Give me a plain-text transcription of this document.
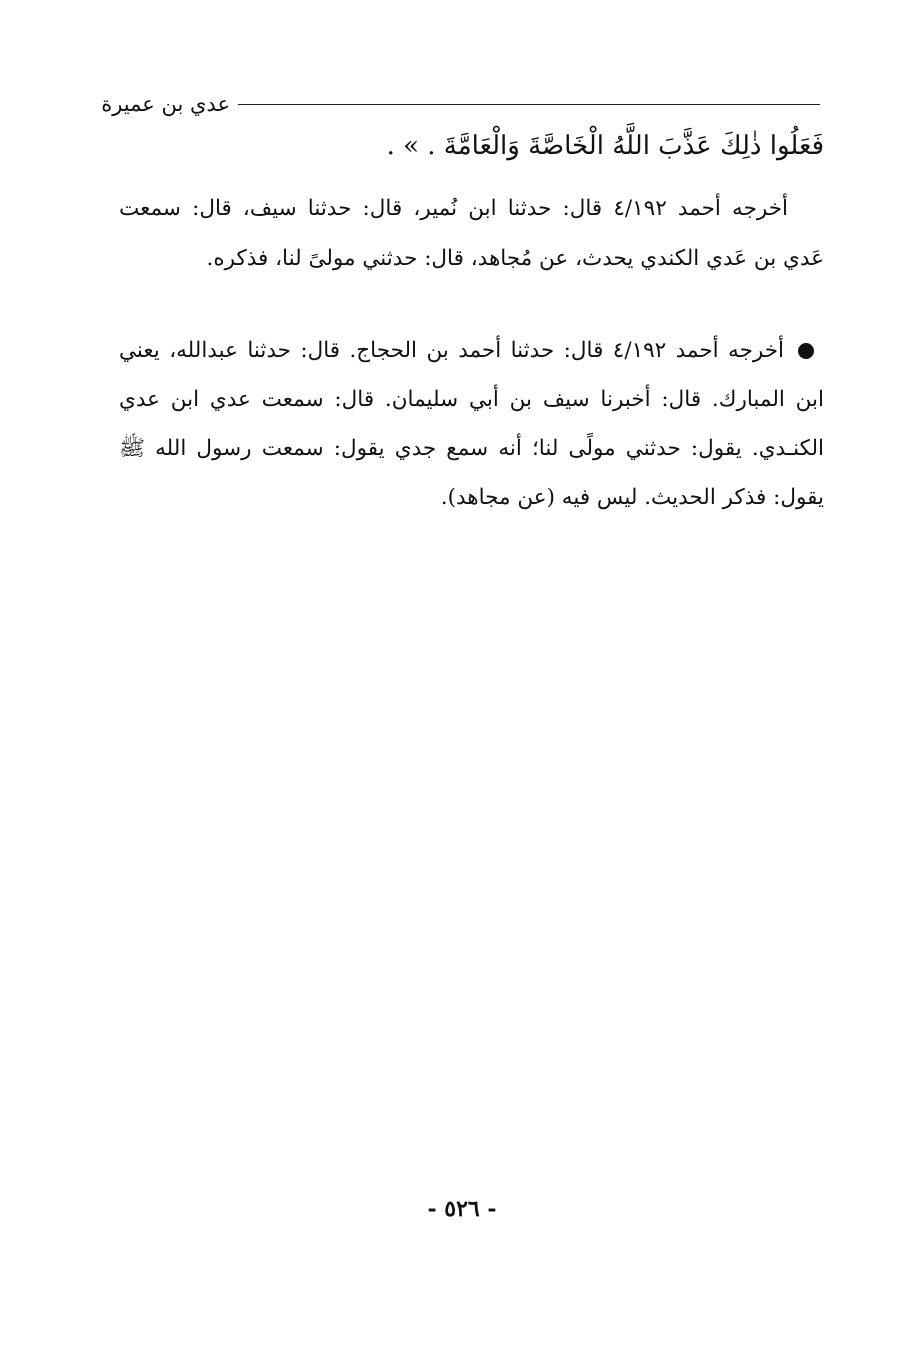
عدي بن عميرة
فَعَلُوا ذٰلِكَ عَذَّبَ اللَّهُ الْخَاصَّةَ وَالْعَامَّةَ . » .
أخرجه أحمد ٤/١٩٢ قال: حدثنا ابن نُمير، قال: حدثنا سيف، قال: سمعت عَدي بن عَدي الكندي يحدث، عن مُجاهد، قال: حدثني مولىً لنا، فذكره.
أخرجه أحمد ٤/١٩٢ قال: حدثنا أحمد بن الحجاج. قال: حدثنا عبدالله، يعني ابن المبارك. قال: أخبرنا سيف بن أبي سليمان. قال: سمعت عدي ابن عدي الكنـدي. يقول: حدثني مولًى لنا؛ أنه سمع جدي يقول: سمعت رسول الله ﷺ يقول: فذكر الحديث. ليس فيه (عن مجاهد).
- ٥٢٦ -
